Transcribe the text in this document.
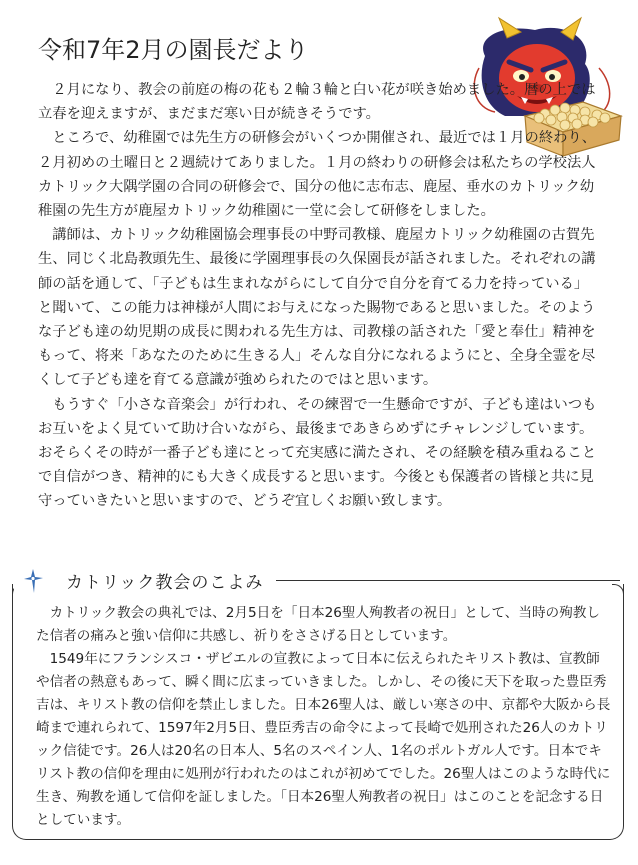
令和7年2月の園長だより

２月になり、教会の前庭の梅の花も２輪３輪と白い花が咲き始めました。暦の上では立春を迎えますが、まだまだ寒い日が続きそうです。

ところで、幼稚園では先生方の研修会がいくつか開催され、最近では１月の終わり、２月初めの土曜日と２週続けてありました。１月の終わりの研修会は私たちの学校法人カトリック大隅学園の合同の研修会で、国分の他に志布志、鹿屋、垂水のカトリック幼稚園の先生方が鹿屋カトリック幼稚園に一堂に会して研修をしました。

講師は、カトリック幼稚園協会理事長の中野司教様、鹿屋カトリック幼稚園の古賀先生、同じく北島教頭先生、最後に学園理事長の久保園長が話されました。それぞれの講師の話を通して、「子どもは生まれながらにして自分で自分を育てる力を持っている」と聞いて、この能力は神様が人間にお与えになった賜物であると思いました。そのような子ども達の幼児期の成長に関われる先生方は、司教様の話された「愛と奉仕」精神をもって、将来「あなたのために生きる人」そんな自分になれるようにと、全身全霊を尽くして子ども達を育てる意識が強められたのではと思います。

もうすぐ「小さな音楽会」が行われ、その練習で一生懸命ですが、子ども達はいつもお互いをよく見ていて助け合いながら、最後まであきらめずにチャレンジしています。おそらくその時が一番子ども達にとって充実感に満たされ、その経験を積み重ねることで自信がつき、精神的にも大きく成長すると思います。今後とも保護者の皆様と共に見守っていきたいと思いますので、どうぞ宜しくお願い致します。

カトリック教会のこよみ

カトリック教会の典礼では、2月5日を「日本26聖人殉教者の祝日」として、当時の殉教した信者の痛みと強い信仰に共感し、祈りをささげる日としています。

1549年にフランシスコ・ザビエルの宣教によって日本に伝えられたキリスト教は、宣教師や信者の熱意もあって、瞬く間に広まっていきました。しかし、その後に天下を取った豊臣秀吉は、キリスト教の信仰を禁止しました。日本26聖人は、厳しい寒さの中、京都や大阪から長崎まで連れられて、1597年2月5日、豊臣秀吉の命令によって長崎で処刑された26人のカトリック信徒です。26人は20名の日本人、5名のスペイン人、1名のポルトガル人です。日本でキリスト教の信仰を理由に処刑が行われたのはこれが初めてでした。26聖人はこのような時代に生き、殉教を通して信仰を証しました。「日本26聖人殉教者の祝日」はこのことを記念する日としています。
